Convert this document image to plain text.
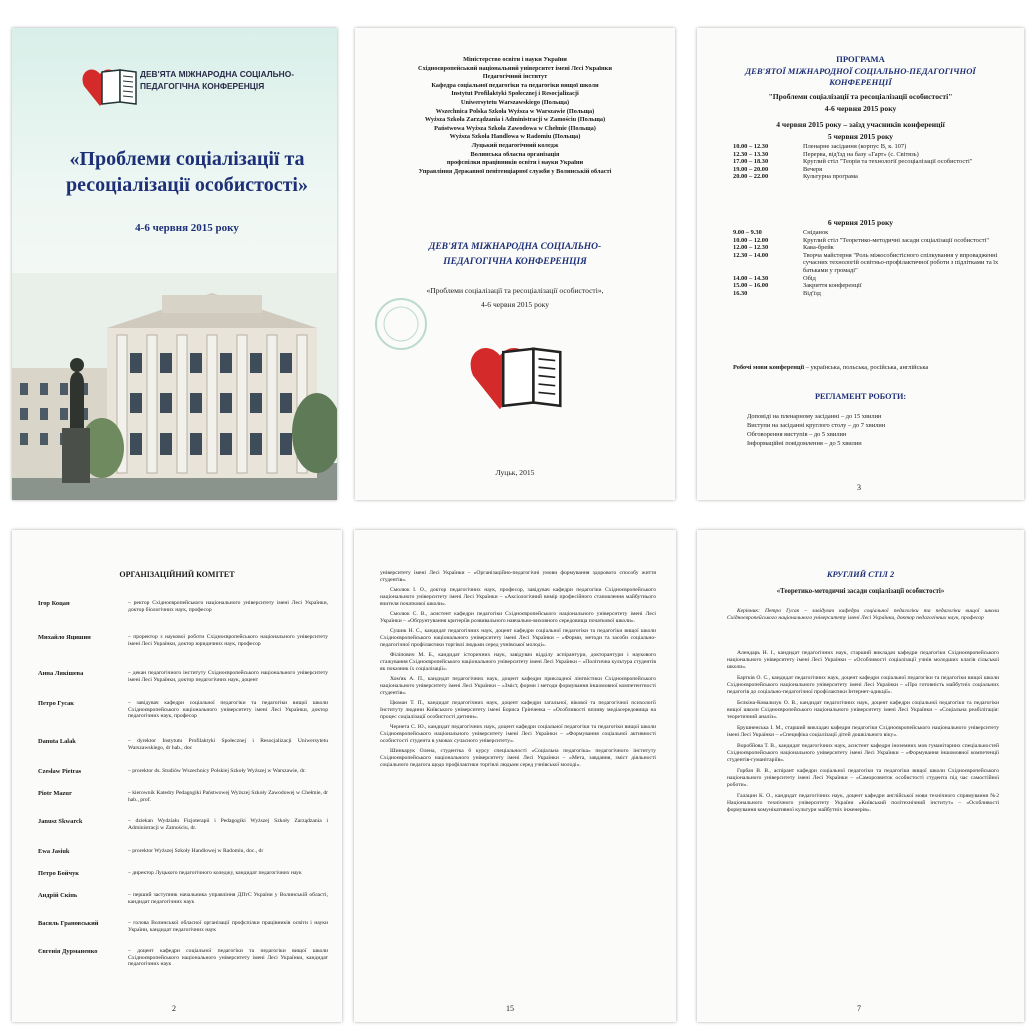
ДЕВ'ЯТА МІЖНАРОДНА СОЦІАЛЬНО-ПЕДАГОГІЧНА КОНФЕРЕНЦІЯ

«Проблеми соціалізації та ресоціалізації особистості»

4-6 червня 2015 року

Міністерство освіти і науки України
Східноєвропейський національний університет імені Лесі Українки
Педагогічний інститут
Кафедра соціальної педагогіки та педагогіки вищої школи
Instytut Profilaktyki Społecznej i Resocjalizacji
Uniwersytetu Warszawskiego (Польща)
Wszechnica Polska Szkoła Wyższa w Warszawie (Польща)
Wyższa Szkoła Zarządzania i Administracji w Zamościu (Польща)
Państwowa Wyższa Szkoła Zawodowa w Chełmie (Польща)
Wyższa Szkoła Handlowa w Radomiu (Польща)
Луцький педагогічний коледж
Волинська обласна організація
профспілки працівників освіти і науки України
Управління Державної пенітенціарної служби у Волинській області

ДЕВ'ЯТА МІЖНАРОДНА СОЦІАЛЬНО-ПЕДАГОГІЧНА КОНФЕРЕНЦІЯ

«Проблеми соціалізації та ресоціалізації особистості»,

4-6 червня 2015 року

Луцьк, 2015

ПРОГРАМА

ДЕВ'ЯТОЇ МІЖНАРОДНОЇ СОЦІАЛЬНО-ПЕДАГОГІЧНОЇ КОНФЕРЕНЦІЇ

"Проблеми соціалізації та ресоціалізації особистості"

4-6 червня 2015 року

4 червня 2015 року – заїзд учасників конференції

5 червня 2015 року

10.00 – 12.30	Пленарне засідання (корпус В, к. 107)
12.30 – 13.30	Перерва, від'їзд на базу «Гарт» (с. Світязь)
17.00 – 18.30	Круглий стіл "Теорія та технології ресоціалізації особистості"
19.00 – 20.00	Вечеря
20.00 – 22.00	Культурна програма

6 червня 2015 року

9.00 – 9.30	Сніданок
10.00 – 12.00	Круглий стіл "Теоретико-методичні засади соціалізації особистості"
12.00 – 12.30	Кава-брейк
12.30 – 14.00	Творча майстерня "Роль міжособистісного спілкування у впровадженні сучасних технологій освітньо-профілактичної роботи з підлітками та їх батьками у громаді"
14.00 – 14.30	Обід
15.00 – 16.00	Закриття конференції
16.30	Від'їзд

Робочі мови конференції – українська, польська, російська, англійська

РЕГЛАМЕНТ РОБОТИ:

Доповіді на пленарному засіданні – до 15 хвилин
Виступи на засіданні круглого столу – до 7 хвилин
Обговорення виступів – до 5 хвилин
Інформаційні повідомлення – до 5 хвилин
3

ОРГАНІЗАЦІЙНИЙ КОМІТЕТ

Ігор Коцан	– ректор Східноєвропейського національного університету імені Лесі Українки, доктор біологічних наук, професор
Михайло Яцишин	– проректор з наукової роботи Східноєвропейського національного університету імені Лесі Українки, доктор юридичних наук, професор
Анна Лякішева	– декан педагогічного інституту Східноєвропейського національного університету імені Лесі Українки, доктор педагогічних наук, доцент
Петро Гусак	– завідувач кафедри соціальної педагогіки та педагогіки вищої школи Східноєвропейського національного університету імені Лесі Українки, доктор педагогічних наук, професор
Danuta Lalak	– dyrektor Instytutu Profilaktyki Społecznej i Resocjalizacji Uniwersytetu Warszawskiego, dr hab., doc
Czesław Pietras	– prorektor ds. Studiów Wszechnicy Polskiej Szkoły Wyższej w Warszawie, dr.
Piotr Mazur	– kierownik Katedry Pedagogiki Państwowej Wyższej Szkoły Zawodowej w Chełmie, dr hab., prof.
Janusz Skwarck	– dziekan Wydziału Fizjoterapii i Pedagogiki Wyższej Szkoły Zarządzania i Administracji w Zamościu, dr.
Ewa Jasiuk	– prorektor Wyższej Szkoły Handlowej w Radomiu, doc., dr
Петро Бойчук	– директор Луцького педагогічного коледжу, кандидат педагогічних наук
Андрій Скіпь	– перший заступник начальника управління ДПтС України у Волинській області, кандидат педагогічних наук
Василь Грановський	– голова Волинської обласної організації профспілки працівників освіти і науки України, кандидат педагогічних наук
Євгенія Дурманенко	– доцент кафедри соціальної педагогіки та педагогіки вищої школи Східноєвропейського національного університету імені Лесі Українки, кандидат педагогічних наук
2

університету імені Лесі Українки – «Організаційно-педагогічні умови формування здорового способу життя студентів».

Смолюк І. О., доктор педагогічних наук, професор, завідувач кафедри педагогіки Східноєвропейського національного університету імені Лесі Українки – «Аксіологічний вимір професійного становлення майбутнього вчителя початкової школи».

Смолюк С. В., асистент кафедри педагогіки Східноєвропейського національного університету імені Лесі Українки – «Обґрунтування критеріїв розвивального навчально-виховного середовища початкової школи».

Сушик Н. С., кандидат педагогічних наук, доцент кафедри соціальної педагогіки та педагогіки вищої школи Східноєвропейського національного університету імені Лесі Українки – «Форми, методи та засоби соціально-педагогічної профілактики торгівлі людьми серед учнівської молоді».

Філіпович М. Б., кандидат історичних наук, завідувач відділу аспірантури, докторантури і наукового стажування Східноєвропейського національного університету імені Лесі Українки – «Політична культура студентів як показник їх соціалізації».

Хом'як А. П., кандидат педагогічних наук, доцент кафедри прикладної лінгвістики Східноєвропейського національного університету імені Лесі Українки – «Зміст, форми і методи формування іншомовної компетентності студентів».

Цюман Т. П., кандидат педагогічних наук, доцент кафедри загальної, вікової та педагогічної психології Інституту людини Київського університету імені Бориса Грінченка – «Особливості впливу медіасередовища на процес соціалізації особистості дитини».

Чернета С. Ю., кандидат педагогічних наук, доцент кафедри соціальної педагогіки та педагогіки вищої школи Східноєвропейського національного університету імені Лесі Українки – «Формування соціальної активності особистості студента в умовах сучасного університету».

Шинкарук Олена, студентка 6 курсу спеціальності «Соціальна педагогіка» педагогічного інституту Східноєвропейського національного університету імені Лесі Українки – «Мета, завдання, зміст діяльності соціального педагога щодо профілактики торгівлі людьми серед учнівської молоді».

15

КРУГЛИЙ СТІЛ 2

«Теоретико-методичні засади соціалізації особистості»

Керівник: Петро Гусак – завідувач кафедри соціальної педагогіки та педагогіки вищої школи Східноєвропейського національного університету імені Лесі Українки, доктор педагогічних наук, професор

Алендарь Н. І., кандидат педагогічних наук, старший викладач кафедри педагогіки Східноєвропейського національного університету імені Лесі Українки – «Особливості соціалізації учнів молодших класів сільської школи».

Бартків О. С., кандидат педагогічних наук, доцент кафедри соціальної педагогіки та педагогіки вищої школи Східноєвропейського національного університету імені Лесі Українки – «Про готовність майбутніх соціальних педагогів до соціально-педагогічної профілактики Інтернет-адикції».

Бєлкіна-Ковальчук О. В., кандидат педагогічних наук, доцент кафедри соціальної педагогіки та педагогіки вищої школи Східноєвропейського національного університету імені Лесі Українки – «Соціальна реабілітація: теоретичний аналіз».

Брушненська І. М., старший викладач кафедри педагогіки Східноєвропейського національного університету імені Лесі Українки – «Специфіка соціалізації дітей дошкільного віку».

Воробйова Т. В., кандидат педагогічних наук, асистент кафедри іноземних мов гуманітарних спеціальностей Східноєвропейського національного університету імені Лесі Українки – «Формування іншомовної компетенції студентів-гуманітаріїв».

Горбач В. В., аспірант кафедри соціальної педагогіки та педагогіки вищої школи Східноєвропейського національного університету імені Лесі Українки – «Саморозвиток особистості студента під час самостійної роботи».

Галацин К. О., кандидат педагогічних наук, доцент кафедри англійської мови технічного спрямування №2 Національного технічного університету України «Київський політехнічний інститут» – «Особливості формування комунікативної культури майбутніх інженерів».

7
